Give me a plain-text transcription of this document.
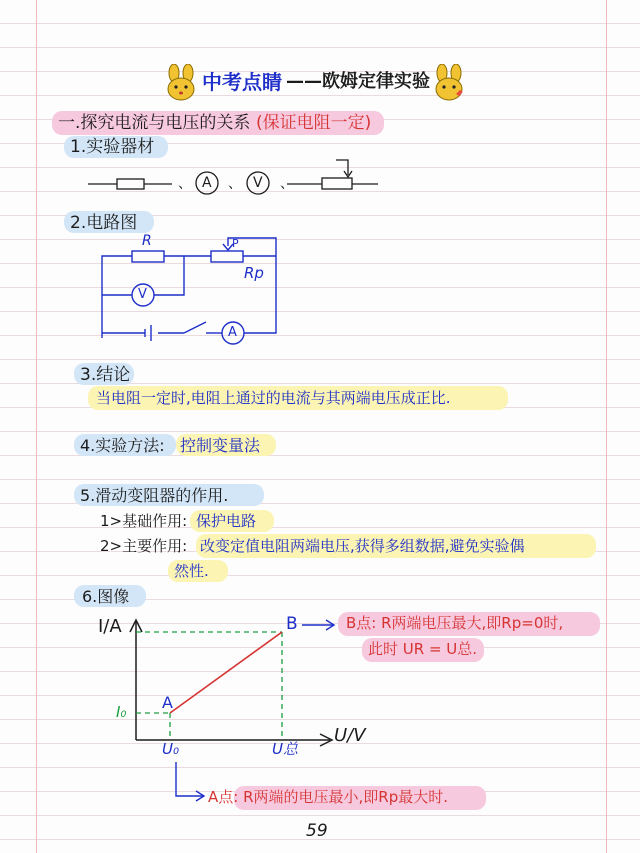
中考点睛 ——欧姆定律实验
一.探究电流与电压的关系 (保证电阻一定)
1.实验器材
、 A 、 V 、
2.电路图
R	P
Rp
V
A
3.结论
当电阻一定时,电阻上通过的电流与其两端电压成正比.
4.实验方法: 控制变量法
5.滑动变阻器的作用.
1>基础作用: 保护电路
2>主要作用: 改变定值电阻两端电压,获得多组数据,避免实验偶
然性.
6.图像
I/A
U/V
B
A
I₀
U₀	U总
B点: R两端电压最大,即Rp=0时,
此时 UR = U总.
A点: R两端的电压最小,即Rp最大时.
59
